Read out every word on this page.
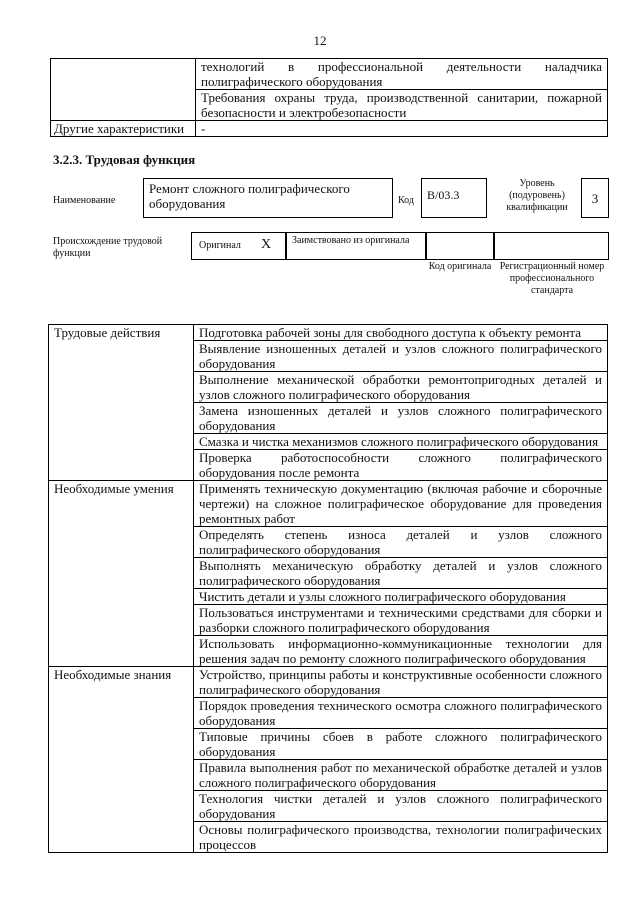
12
	технологий в профессиональной деятельности наладчика полиграфического оборудования
	Требования охраны труда, производственной санитарии, пожарной безопасности и электробезопасности
Другие характеристики	-
3.2.3. Трудовая функция
Наименование
Ремонт сложного полиграфического оборудования	Код	B/03.3
Уровень (подуровень) квалификации
3
Происхождение трудовой функции
Оригинал X	Заимствовано из оригинала
Код оригинала Регистрационный номер профессионального стандарта
Трудовые действия	Подготовка рабочей зоны для свободного доступа к объекту ремонта
	Выявление изношенных деталей и узлов сложного полиграфического оборудования
	Выполнение механической обработки ремонтопригодных деталей и узлов сложного полиграфического оборудования
	Замена изношенных деталей и узлов сложного полиграфического оборудования
	Смазка и чистка механизмов сложного полиграфического оборудования
	Проверка работоспособности сложного полиграфического оборудования после ремонта
Необходимые умения	Применять техническую документацию (включая рабочие и сборочные чертежи) на сложное полиграфическое оборудование для проведения ремонтных работ
	Определять степень износа деталей и узлов сложного полиграфического оборудования
	Выполнять механическую обработку деталей и узлов сложного полиграфического оборудования
	Чистить детали и узлы сложного полиграфического оборудования
	Пользоваться инструментами и техническими средствами для сборки и разборки сложного полиграфического оборудования
	Использовать информационно-коммуникационные технологии для решения задач по ремонту сложного полиграфического оборудования
Необходимые знания	Устройство, принципы работы и конструктивные особенности сложного полиграфического оборудования
	Порядок проведения технического осмотра сложного полиграфического оборудования
	Типовые причины сбоев в работе сложного полиграфического оборудования
	Правила выполнения работ по механической обработке деталей и узлов сложного полиграфического оборудования
	Технология чистки деталей и узлов сложного полиграфического оборудования
	Основы полиграфического производства, технологии полиграфических процессов
